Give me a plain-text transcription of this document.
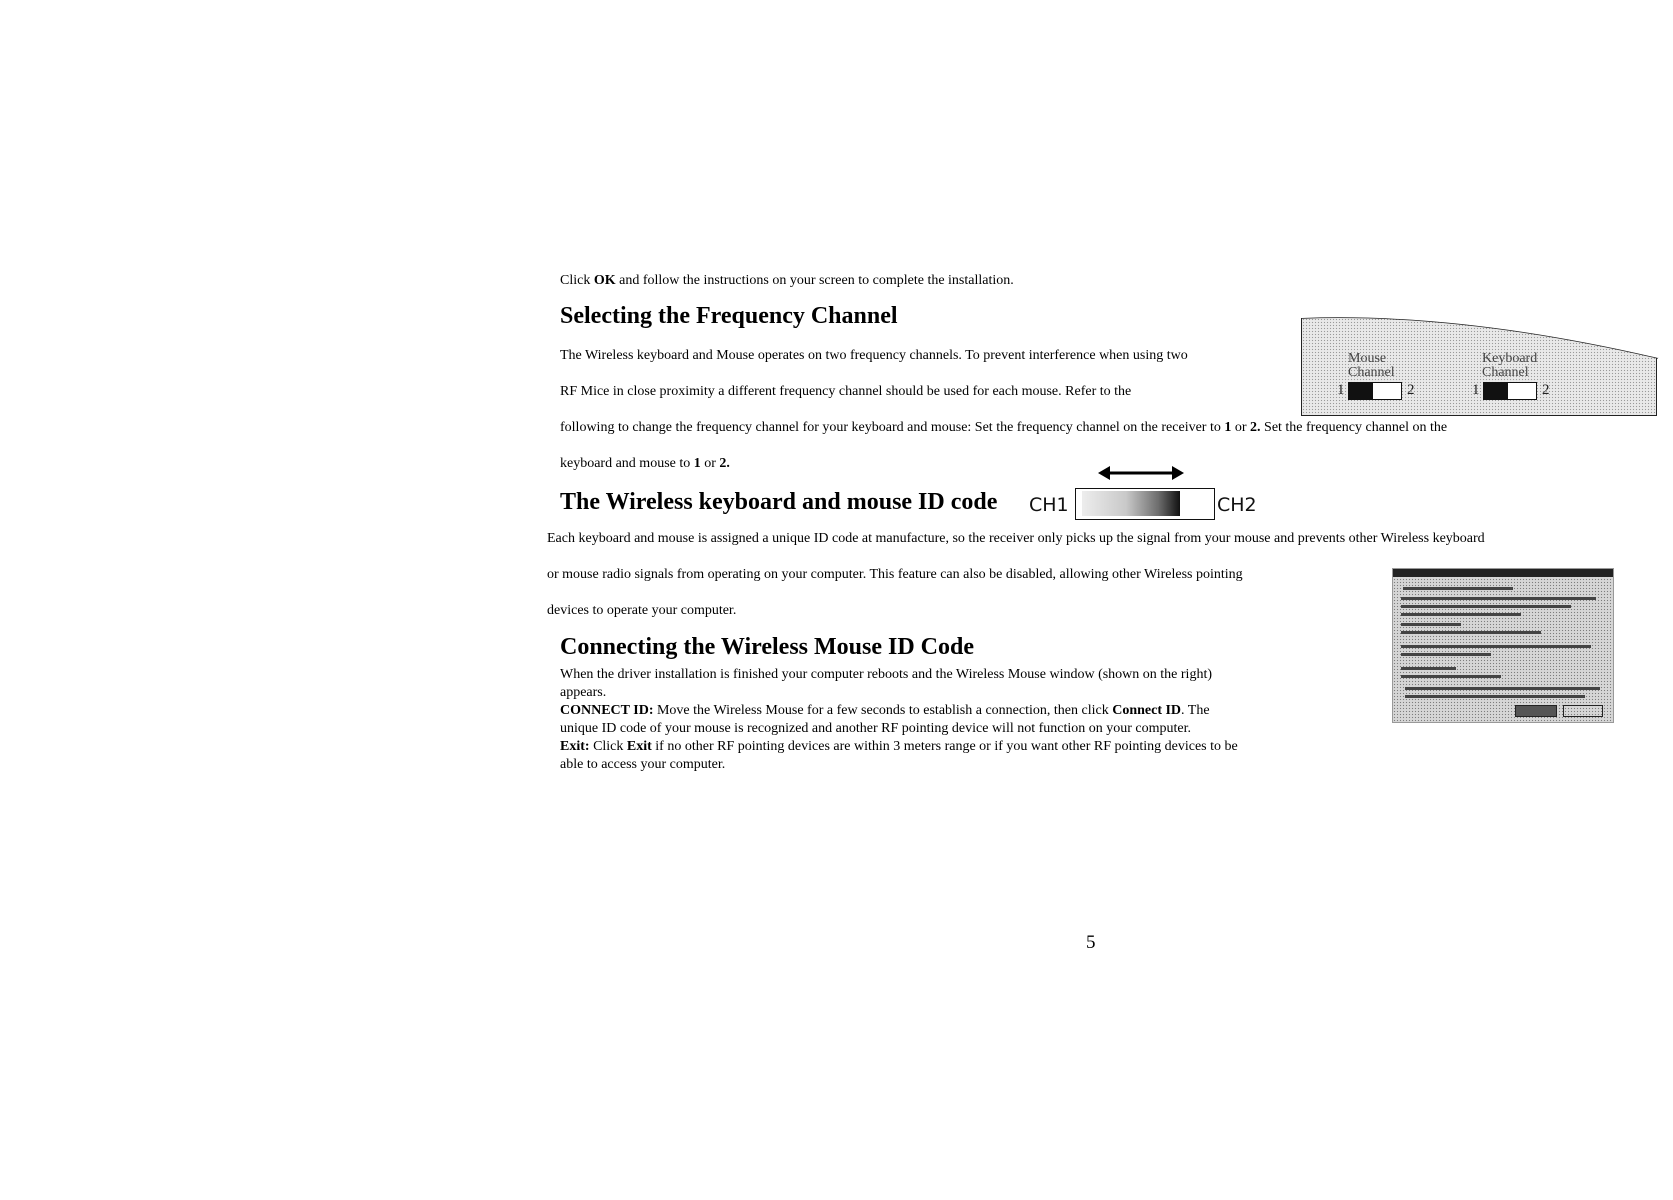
Click OK and follow the instructions on your screen to complete the installation.
Selecting the Frequency Channel
The Wireless keyboard and Mouse operates on two frequency channels. To prevent interference when using two
RF Mice in close proximity a different frequency channel should be used for each mouse. Refer to the
following to change the frequency channel for your keyboard and mouse: Set the frequency channel on the receiver to 1 or 2. Set the frequency channel on the
keyboard and mouse to 1 or 2.
Mouse
Channel
Keyboard
Channel
1	2	1	2
The Wireless keyboard and mouse ID code CH1	CH2
Each keyboard and mouse is assigned a unique ID code at manufacture, so the receiver only picks up the signal from your mouse and prevents other Wireless keyboard
or mouse radio signals from operating on your computer. This feature can also be disabled, allowing other Wireless pointing
devices to operate your computer.
Connecting the Wireless Mouse ID Code
When the driver installation is finished your computer reboots and the Wireless Mouse window (shown on the right)
appears.
CONNECT ID: Move the Wireless Mouse for a few seconds to establish a connection, then click Connect ID. The
unique ID code of your mouse is recognized and another RF pointing device will not function on your computer.
Exit: Click Exit if no other RF pointing devices are within 3 meters range or if you want other RF pointing devices to be
able to access your computer.
5
